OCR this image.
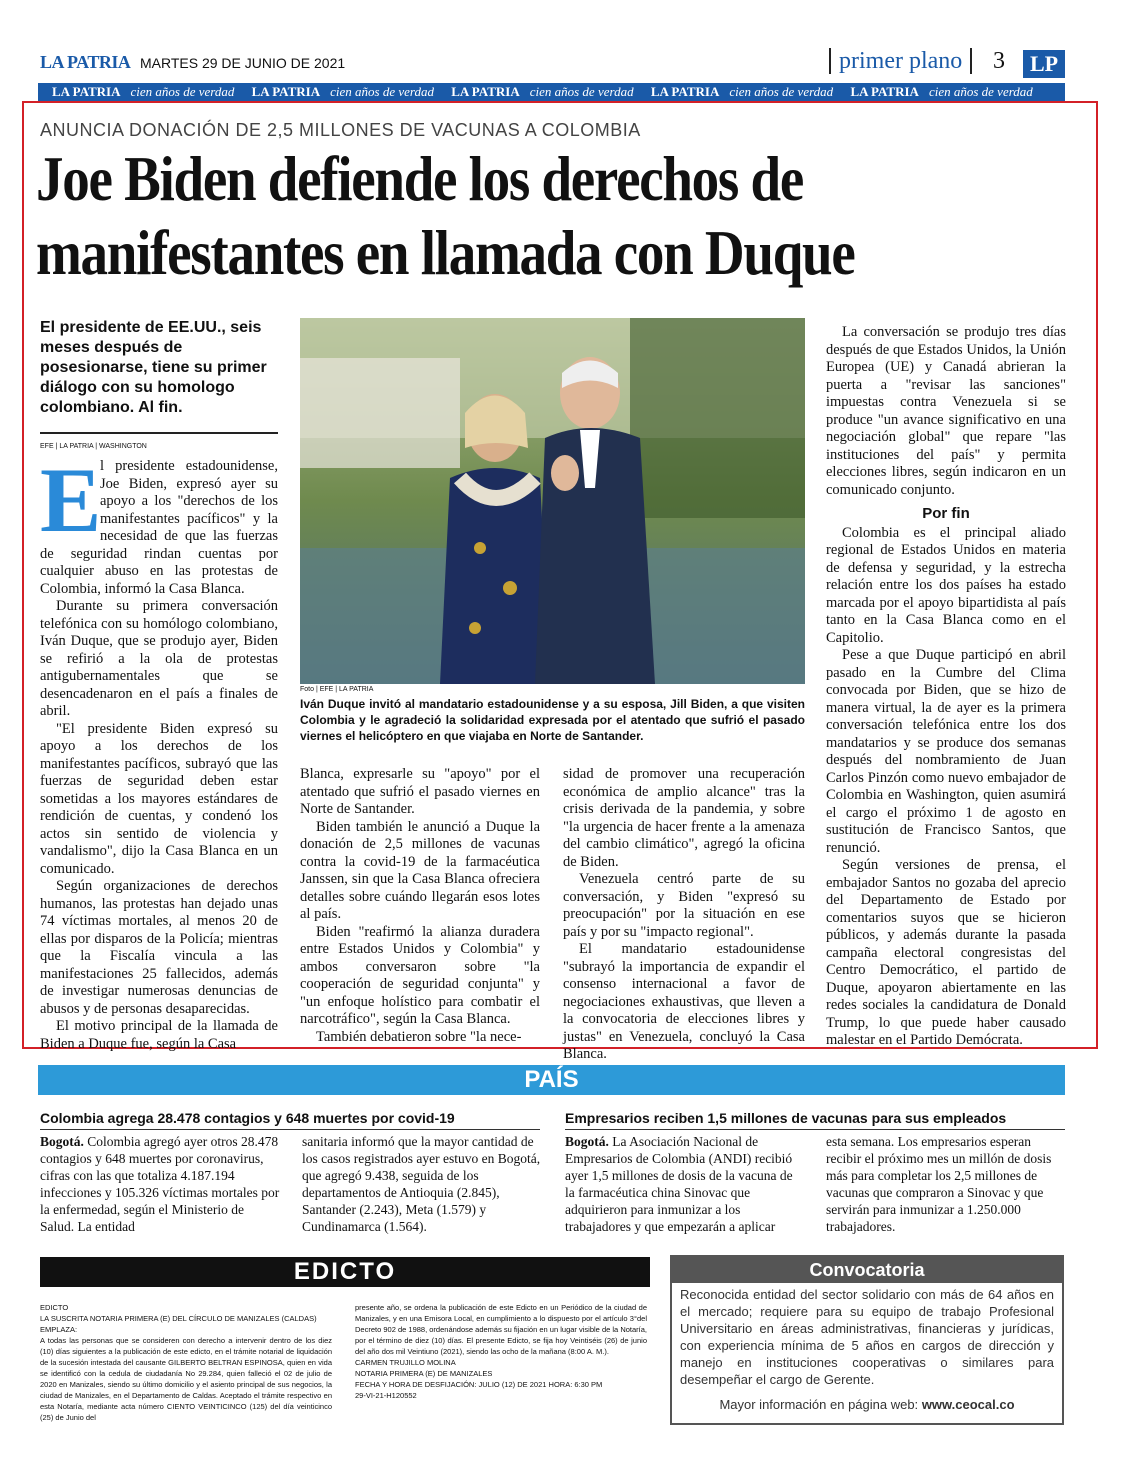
LA PATRIA MARTES 29 DE JUNIO DE 2021	primer plano	3	LP
LA PATRIA cien años de verdad LA PATRIA cien años de verdad LA PATRIA cien años de verdad LA PATRIA cien años de verdad LA PATRIA cien años de verdad
ANUNCIA DONACIÓN DE 2,5 MILLONES DE VACUNAS A COLOMBIA
Joe Biden defiende los derechos de
manifestantes en llamada con Duque
El presidente de EE.UU., seis meses después de posesionarse, tiene su primer diálogo con su homologo colombiano. Al fin.
EFE | LA PATRIA | WASHINGTON
E

l presidente estadounidense, Joe Biden, expresó ayer su apoyo a los "derechos de los manifestantes pacíficos" y la necesidad de que las fuerzas de seguridad rindan cuentas por cualquier abuso en las protestas de Colombia, informó la Casa Blanca.

Durante su primera conversación telefónica con su homólogo colombiano, Iván Duque, que se produjo ayer, Biden se refirió a la ola de protestas antigubernamentales que se desencadenaron en el país a finales de abril.

"El presidente Biden expresó su apoyo a los derechos de los manifestantes pacíficos, subrayó que las fuerzas de seguridad deben estar sometidas a los mayores estándares de rendición de cuentas, y condenó los actos sin sentido de violencia y vandalismo", dijo la Casa Blanca en un comunicado.

Según organizaciones de derechos humanos, las protestas han dejado unas 74 víctimas mortales, al menos 20 de ellas por disparos de la Policía; mientras que la Fiscalía vincula a las manifestaciones 25 fallecidos, además de investigar numerosas denuncias de abusos y de personas desaparecidas.

El motivo principal de la llamada de Biden a Duque fue, según la Casa

Foto | EFE | LA PATRIA
Iván Duque invitó al mandatario estadounidense y a su esposa, Jill Biden, a que visiten Colombia y le agradeció la solidaridad expresada por el atentado que sufrió el pasado viernes el helicóptero en que viajaba en Norte de Santander.

Blanca, expresarle su "apoyo" por el atentado que sufrió el pasado viernes en Norte de Santander.

Biden también le anunció a Duque la donación de 2,5 millones de vacunas contra la covid-19 de la farmacéutica Janssen, sin que la Casa Blanca ofreciera detalles sobre cuándo llegarán esos lotes al país.

Biden "reafirmó la alianza duradera entre Estados Unidos y Colombia" y ambos conversaron sobre "la cooperación de seguridad conjunta" y "un enfoque holístico para combatir el narcotráfico", según la Casa Blanca.

También debatieron sobre "la nece-

sidad de promover una recuperación económica de amplio alcance" tras la crisis derivada de la pandemia, y sobre "la urgencia de hacer frente a la amenaza del cambio climático", agregó la oficina de Biden.

Venezuela centró parte de su conversación, y Biden "expresó su preocupación" por la situación en ese país y por su "impacto regional".

El mandatario estadounidense "subrayó la importancia de expandir el consenso internacional a favor de negociaciones exhaustivas, que lleven a la convocatoria de elecciones libres y justas" en Venezuela, concluyó la Casa Blanca.

La conversación se produjo tres días después de que Estados Unidos, la Unión Europea (UE) y Canadá abrieran la puerta a "revisar las sanciones" impuestas contra Venezuela si se produce "un avance significativo en una negociación global" que repare "las instituciones del país" y permita elecciones libres, según indicaron en un comunicado conjunto.

Por fin

Colombia es el principal aliado regional de Estados Unidos en materia de defensa y seguridad, y la estrecha relación entre los dos países ha estado marcada por el apoyo bipartidista al país tanto en la Casa Blanca como en el Capitolio.

Pese a que Duque participó en abril pasado en la Cumbre del Clima convocada por Biden, que se hizo de manera virtual, la de ayer es la primera conversación telefónica entre los dos mandatarios y se produce dos semanas después del nombramiento de Juan Carlos Pinzón como nuevo embajador de Colombia en Washington, quien asumirá el cargo el próximo 1 de agosto en sustitución de Francisco Santos, que renunció.

Según versiones de prensa, el embajador Santos no gozaba del aprecio del Departamento de Estado por comentarios suyos que se hicieron públicos, y además durante la pasada campaña electoral congresistas del Centro Democrático, el partido de Duque, apoyaron abiertamente en las redes sociales la candidatura de Donald Trump, lo que puede haber causado malestar en el Partido Demócrata.

PAÍS
Colombia agrega 28.478 contagios y 648 muertes por covid-19
Bogotá. Colombia agregó ayer otros 28.478 contagios y 648 muertes por coronavirus, cifras con las que totaliza 4.187.194 infecciones y 105.326 víctimas mortales por la enfermedad, según el Ministerio de Salud. La entidad
sanitaria informó que la mayor cantidad de los casos registrados ayer estuvo en Bogotá, que agregó 9.438, seguida de los departamentos de Antioquia (2.845), Santander (2.243), Meta (1.579) y Cundinamarca (1.564).
Empresarios reciben 1,5 millones de vacunas para sus empleados
Bogotá. La Asociación Nacional de Empresarios de Colombia (ANDI) recibió ayer 1,5 millones de dosis de la vacuna de la farmacéutica china Sinovac que adquirieron para inmunizar a los trabajadores y que empezarán a aplicar
esta semana. Los empresarios esperan recibir el próximo mes un millón de dosis más para completar los 2,5 millones de vacunas que compraron a Sinovac y que servirán para inmunizar a 1.250.000 trabajadores.
EDICTO
EDICTO
LA SUSCRITA NOTARIA PRIMERA (E) DEL CÍRCULO DE MANIZALES (CALDAS)
EMPLAZA:
A todas las personas que se consideren con derecho a intervenir dentro de los diez (10) días siguientes a la publicación de este edicto, en el trámite notarial de liquidación de la sucesión intestada del causante GILBERTO BELTRAN ESPINOSA, quien en vida se identificó con la cedula de ciudadanía No 29.284, quien falleció el 02 de julio de 2020 en Manizales, siendo su último domicilio y el asiento principal de sus negocios, la ciudad de Manizales, en el Departamento de Caldas. Aceptado el trámite respectivo en esta Notaría, mediante acta número CIENTO VEINTICINCO (125) del día veinticinco (25) de Junio del
presente año, se ordena la publicación de este Edicto en un Periódico de la ciudad de Manizales, y en una Emisora Local, en cumplimiento a lo dispuesto por el artículo 3°del Decreto 902 de 1988, ordenándose además su fijación en un lugar visible de la Notaría, por el término de diez (10) días. El presente Edicto, se fija hoy Veintiséis (26) de junio del año dos mil Veintiuno (2021), siendo las ocho de la mañana (8:00 A. M.).
CARMEN TRUJILLO MOLINA
NOTARIA PRIMERA (E) DE MANIZALES
FECHA Y HORA DE DESFIJACIÓN: JULIO (12) DE 2021 HORA: 6:30 PM
29-VI-21-H120552
Convocatoria
Reconocida entidad del sector solidario con más de 64 años en el mercado; requiere para su equipo de trabajo Profesional Universitario en áreas administrativas, financieras y jurídicas, con experiencia mínima de 5 años en cargos de dirección y manejo en instituciones cooperativas o similares para desempeñar el cargo de Gerente.
Mayor información en página web: www.ceocal.co
